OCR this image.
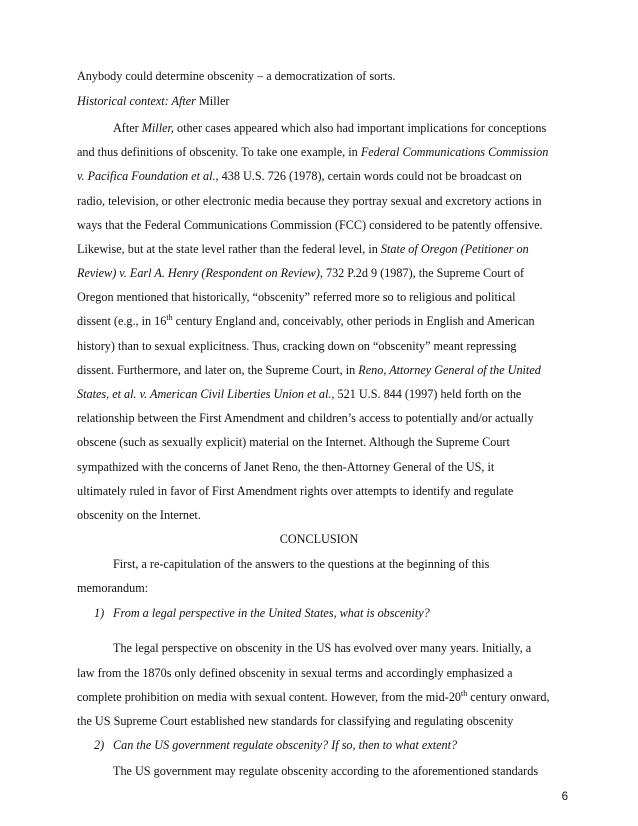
Anybody could determine obscenity – a democratization of sorts.

Historical context: After Miller

After Miller, other cases appeared which also had important implications for conceptions

and thus definitions of obscenity. To take one example, in Federal Communications Commission

v. Pacifica Foundation et al., 438 U.S. 726 (1978), certain words could not be broadcast on

radio, television, or other electronic media because they portray sexual and excretory actions in

ways that the Federal Communications Commission (FCC) considered to be patently offensive.

Likewise, but at the state level rather than the federal level, in State of Oregon (Petitioner on

Review) v. Earl A. Henry (Respondent on Review), 732 P.2d 9 (1987), the Supreme Court of

Oregon mentioned that historically, “obscenity” referred more so to religious and political

dissent (e.g., in 16th century England and, conceivably, other periods in English and American

history) than to sexual explicitness. Thus, cracking down on “obscenity” meant repressing

dissent. Furthermore, and later on, the Supreme Court, in Reno, Attorney General of the United

States, et al. v. American Civil Liberties Union et al., 521 U.S. 844 (1997) held forth on the

relationship between the First Amendment and children’s access to potentially and/or actually

obscene (such as sexually explicit) material on the Internet. Although the Supreme Court

sympathized with the concerns of Janet Reno, the then-Attorney General of the US, it

ultimately ruled in favor of First Amendment rights over attempts to identify and regulate

obscenity on the Internet.

CONCLUSION

First, a re-capitulation of the answers to the questions at the beginning of this

memorandum:

1) From a legal perspective in the United States, what is obscenity?

The legal perspective on obscenity in the US has evolved over many years. Initially, a

law from the 1870s only defined obscenity in sexual terms and accordingly emphasized a

complete prohibition on media with sexual content. However, from the mid-20th century onward,

the US Supreme Court established new standards for classifying and regulating obscenity

2) Can the US government regulate obscenity? If so, then to what extent?

The US government may regulate obscenity according to the aforementioned standards

6
